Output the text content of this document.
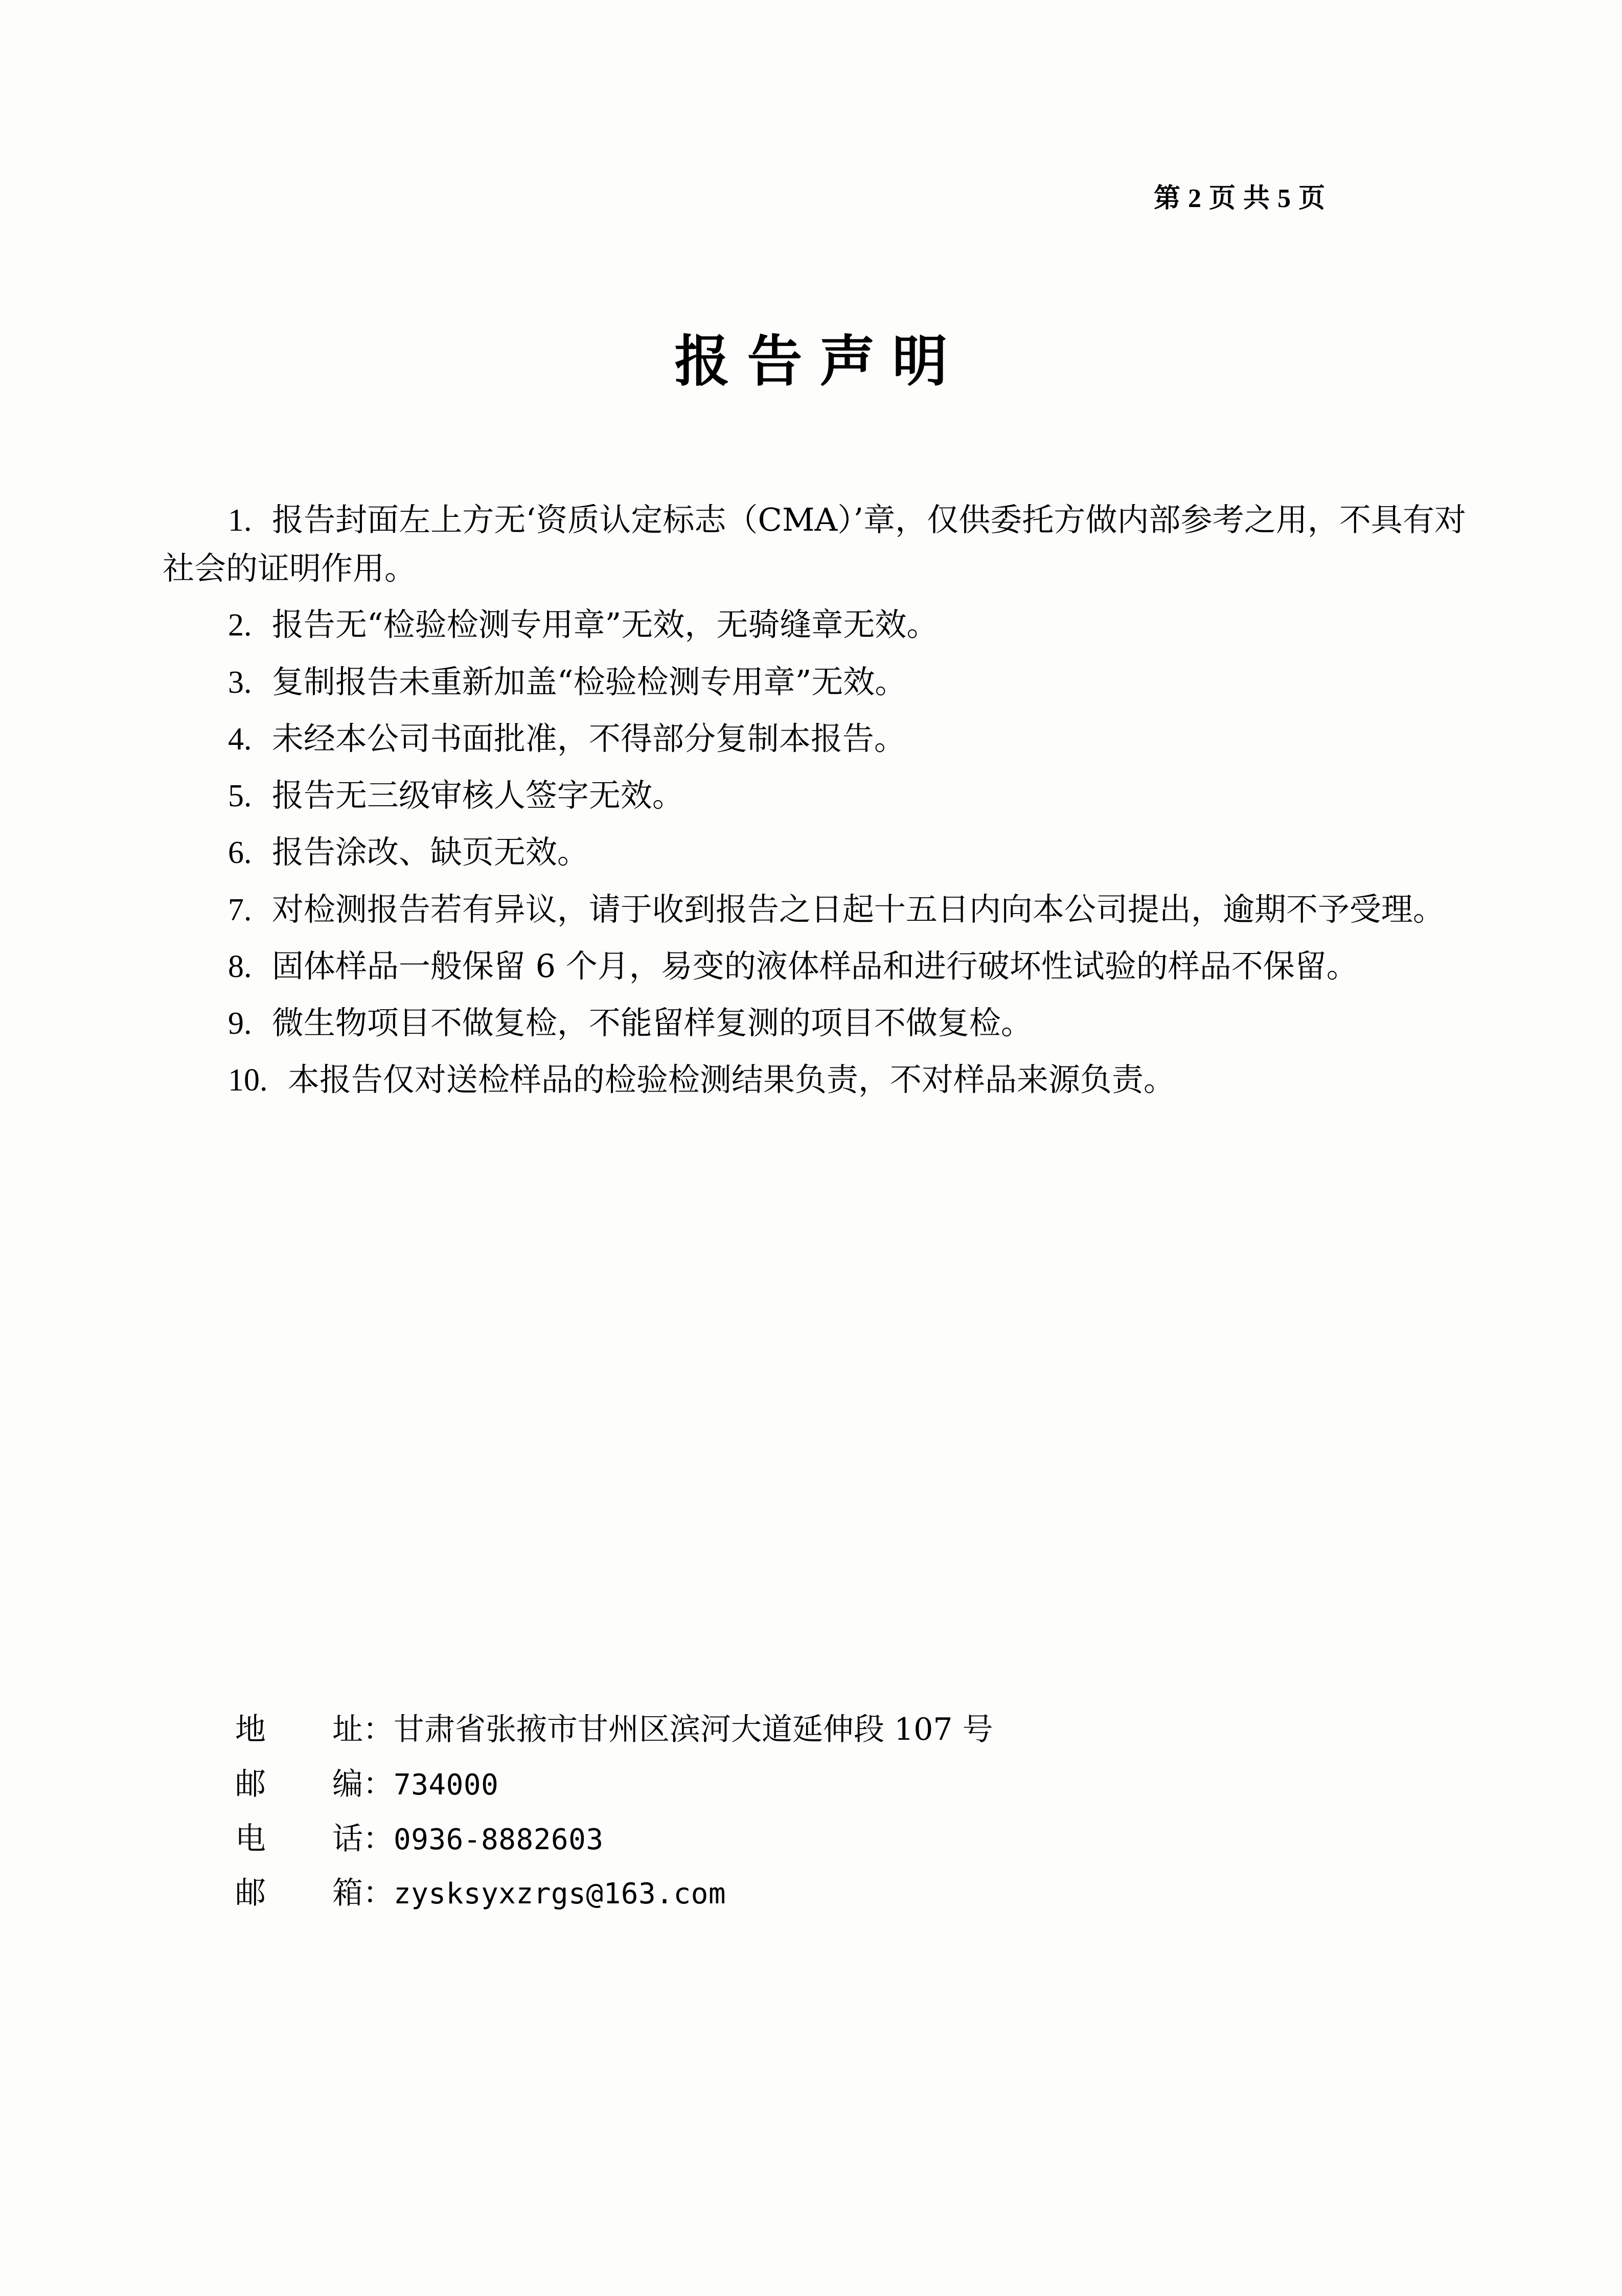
第 2 页 共 5 页
报告声明

1. 报告封面左上方无‘资质认定标志（CMA）’章，仅供委托方做内部参考之用，不具有对社会的证明作用。

2. 报告无“检验检测专用章”无效，无骑缝章无效。

3. 复制报告未重新加盖“检验检测专用章”无效。

4. 未经本公司书面批准，不得部分复制本报告。

5. 报告无三级审核人签字无效。

6. 报告涂改、缺页无效。

7. 对检测报告若有异议，请于收到报告之日起十五日内向本公司提出，逾期不予受理。

8. 固体样品一般保留 6 个月，易变的液体样品和进行破坏性试验的样品不保留。

9. 微生物项目不做复检，不能留样复测的项目不做复检。

10. 本报告仅对送检样品的检验检测结果负责，不对样品来源负责。

地 址：甘肃省张掖市甘州区滨河大道延伸段 107 号

邮 编：734000

电 话：0936-8882603

邮 箱：zysksyxzrgs@163.com
